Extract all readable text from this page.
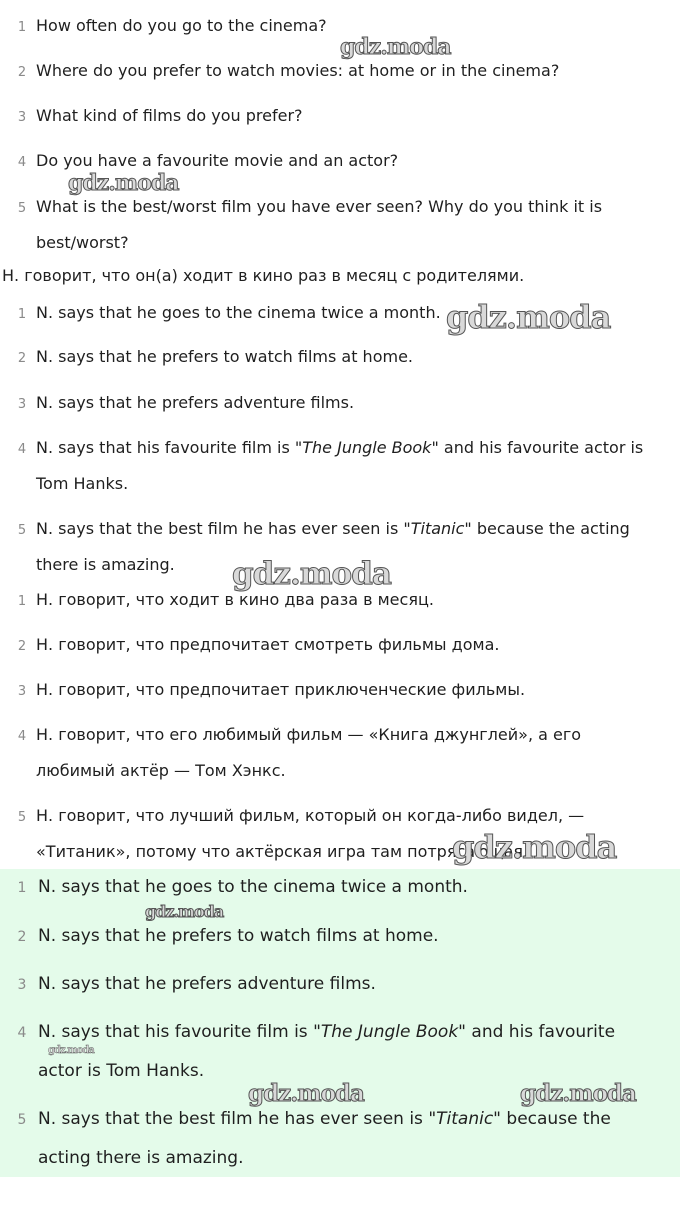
1 How often do you go to the cinema?
2 Where do you prefer to watch movies: at home or in the cinema?
3 What kind of films do you prefer?
4 Do you have a favourite movie and an actor?
5 What is the best/worst film you have ever seen? Why do you think it is best/worst?
Н. говорит, что он(а) ходит в кино раз в месяц с родителями.
1 N. says that he goes to the cinema twice a month.
2 N. says that he prefers to watch films at home.
3 N. says that he prefers adventure films.
4 N. says that his favourite film is "The Jungle Book" and his favourite actor is Tom Hanks.
5 N. says that the best film he has ever seen is "Titanic" because the acting there is amazing.
1 Н. говорит, что ходит в кино два раза в месяц.
2 Н. говорит, что предпочитает смотреть фильмы дома.
3 Н. говорит, что предпочитает приключенческие фильмы.
4 Н. говорит, что его любимый фильм — «Книга джунглей», а его любимый актёр — Том Хэнкс.
5 Н. говорит, что лучший фильм, который он когда-либо видел, — «Титаник», потому что актёрская игра там потрясающая.
1 N. says that he goes to the cinema twice a month.
2 N. says that he prefers to watch films at home.
3 N. says that he prefers adventure films.
4 N. says that his favourite film is "The Jungle Book" and his favourite actor is Tom Hanks.
5 N. says that the best film he has ever seen is "Titanic" because the acting there is amazing.
gdz.moda
gdz.moda
gdz.moda
gdz.moda
gdz.moda
gdz.moda
gdz.moda
gdz.moda	gdz.moda
